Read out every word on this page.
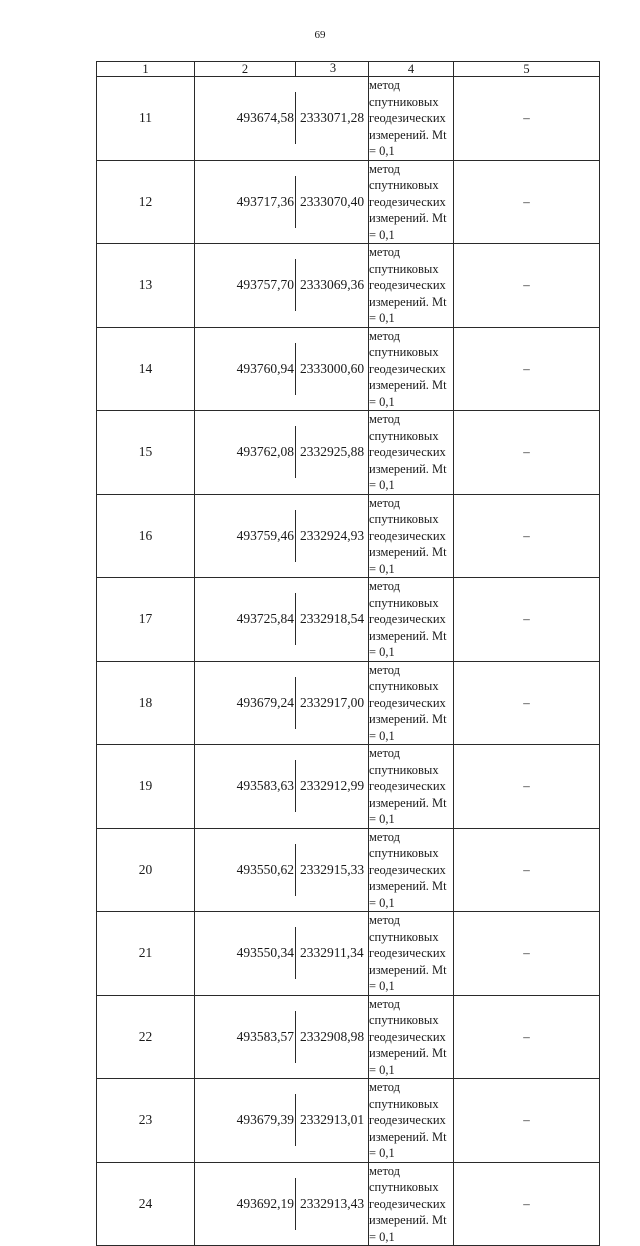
69
1	2 3	4	5
11	493674,58 2333071,28	метод спутниковых
геодезических
измерений. Mt = 0,1	–
12	493717,36 2333070,40	метод спутниковых
геодезических
измерений. Mt = 0,1	–
13	493757,70 2333069,36	метод спутниковых
геодезических
измерений. Mt = 0,1	–
14	493760,94 2333000,60	метод спутниковых
геодезических
измерений. Mt = 0,1	–
15	493762,08 2332925,88	метод спутниковых
геодезических
измерений. Mt = 0,1	–
16	493759,46 2332924,93	метод спутниковых
геодезических
измерений. Mt = 0,1	–
17	493725,84 2332918,54	метод спутниковых
геодезических
измерений. Mt = 0,1	–
18	493679,24 2332917,00	метод спутниковых
геодезических
измерений. Mt = 0,1	–
19	493583,63 2332912,99	метод спутниковых
геодезических
измерений. Mt = 0,1	–
20	493550,62 2332915,33	метод спутниковых
геодезических
измерений. Mt = 0,1	–
21	493550,34 2332911,34	метод спутниковых
геодезических
измерений. Mt = 0,1	–
22	493583,57 2332908,98	метод спутниковых
геодезических
измерений. Mt = 0,1	–
23	493679,39 2332913,01	метод спутниковых
геодезических
измерений. Mt = 0,1	–
24	493692,19 2332913,43	метод спутниковых
геодезических
измерений. Mt = 0,1	–
